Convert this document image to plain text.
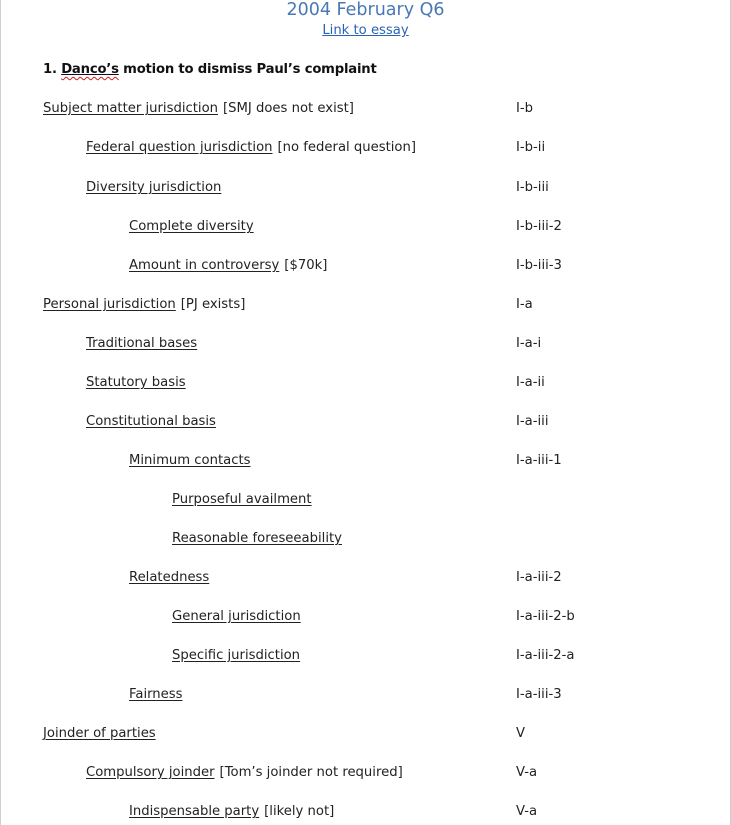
2004 February Q6
Link to essay
1. Danco’s motion to dismiss Paul’s complaint
Subject matter jurisdiction [SMJ does not exist]	I-b
Federal question jurisdiction [no federal question]	I-b-ii
Diversity jurisdiction	I-b-iii
Complete diversity	I-b-iii-2
Amount in controversy [$70k]	I-b-iii-3
Personal jurisdiction [PJ exists]	I-a
Traditional bases	I-a-i
Statutory basis	I-a-ii
Constitutional basis	I-a-iii
Minimum contacts	I-a-iii-1
Purposeful availment
Reasonable foreseeability
Relatedness	I-a-iii-2
General jurisdiction	I-a-iii-2-b
Specific jurisdiction	I-a-iii-2-a
Fairness	I-a-iii-3
Joinder of parties	V
Compulsory joinder [Tom’s joinder not required]	V-a
Indispensable party [likely not]	V-a
